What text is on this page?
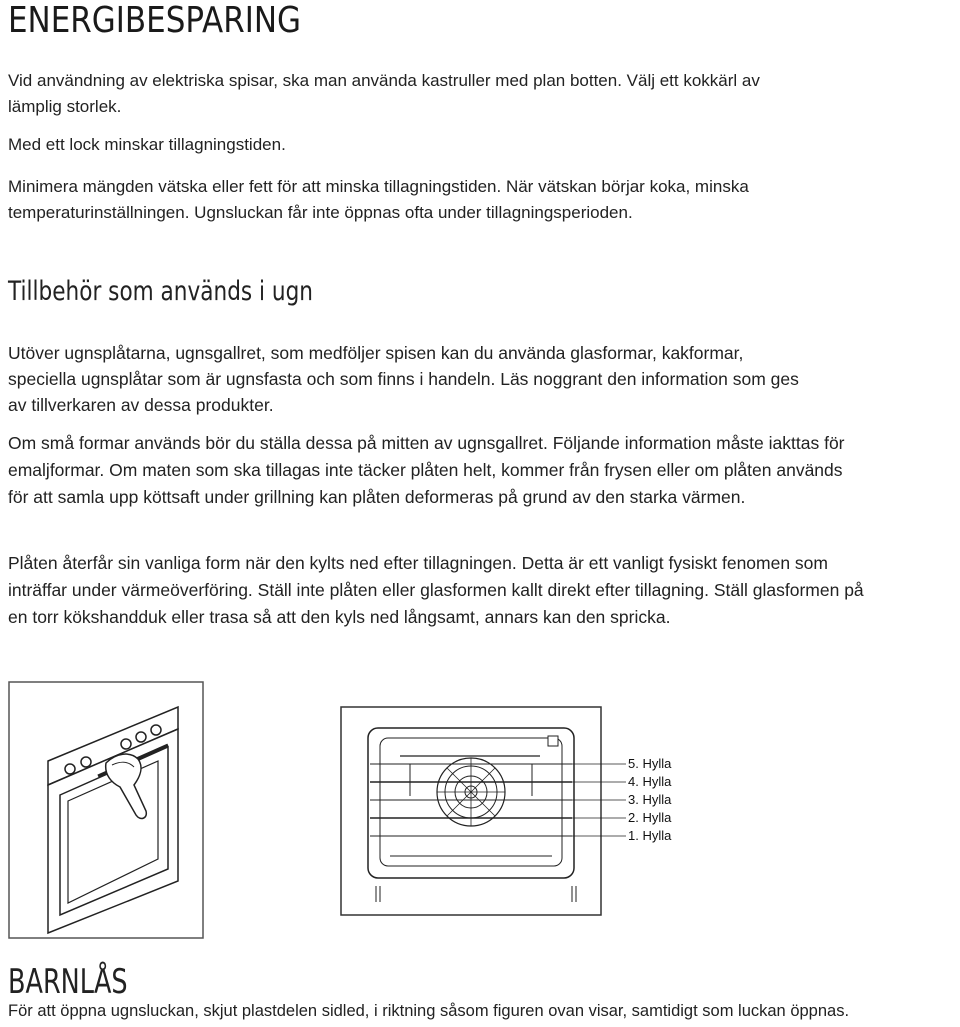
ENERGIBESPARING

Vid användning av elektriska spisar, ska man använda kastruller med plan botten. Välj ett kokkärl av lämplig storlek.

Med ett lock minskar tillagningstiden.

Minimera mängden vätska eller fett för att minska tillagningstiden. När vätskan börjar koka, minska temperaturinställningen. Ugnsluckan får inte öppnas ofta under tillagningsperioden.

Tillbehör som används i ugn

Utöver ugnsplåtarna, ugnsgallret, som medföljer spisen kan du använda glasformar, kakformar, speciella ugnsplåtar som är ugnsfasta och som finns i handeln. Läs noggrant den information som ges av tillverkaren av dessa produkter.

Om små formar används bör du ställa dessa på mitten av ugnsgallret. Följande information måste iakttas för emaljformar. Om maten som ska tillagas inte täcker plåten helt, kommer från frysen eller om plåten används för att samla upp köttsaft under grillning kan plåten deformeras på grund av den starka värmen.

Plåten återfår sin vanliga form när den kylts ned efter tillagningen. Detta är ett vanligt fysiskt fenomen som inträffar under värmeöverföring. Ställ inte plåten eller glasformen kallt direkt efter tillagning. Ställ glasformen på en torr kökshandduk eller trasa så att den kyls ned långsamt, annars kan den spricka.

5. Hylla
4. Hylla
3. Hylla
2. Hylla
1. Hylla
BARNLÅS

För att öppna ugnsluckan, skjut plastdelen sidled, i riktning såsom figuren ovan visar, samtidigt som luckan öppnas.
